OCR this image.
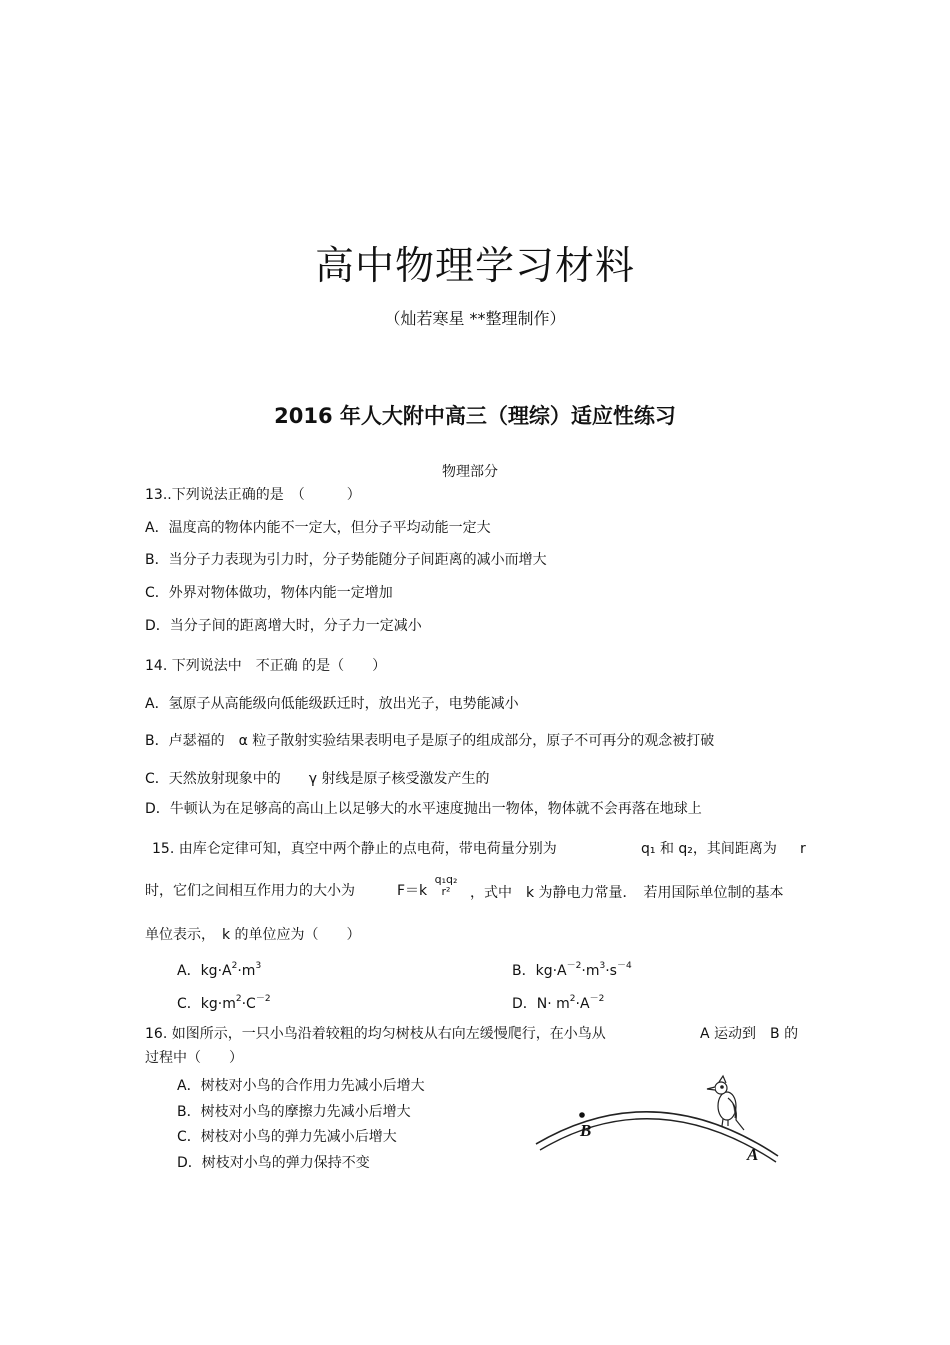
高中物理学习材料
（灿若寒星 **整理制作）
2016 年人大附中高三（理综）适应性练习
物理部分
13..下列说法正确的是　（　　　）
A．温度高的物体内能不一定大，但分子平均动能一定大
B．当分子力表现为引力时，分子势能随分子间距离的减小而增大
C．外界对物体做功，物体内能一定增加
D．当分子间的距离增大时，分子力一定减小
14. 下列说法中　不正确 的是（　　）
A．氢原子从高能级向低能级跃迁时，放出光子，电势能减小
B．卢瑟福的　α 粒子散射实验结果表明电子是原子的组成部分，原子不可再分的观念被打破
C．天然放射现象中的　　γ 射线是原子核受激发产生的
D．牛顿认为在足够高的高山上以足够大的水平速度抛出一物体，物体就不会再落在地球上
15. 由库仑定律可知，真空中两个静止的点电荷，带电荷量分别为	q₁ 和 q₂，其间距离为 r
时，它们之间相互作用力的大小为	F＝k
q₁q₂
r²	，式中　k 为静电力常量．　若用国际单位制的基本
单位表示，　k 的单位应为（　　）
A．$kg\cdot A^2\cdot m^3$	B．$kg\cdot A^{-2}\cdot m^3\cdot s^{-4}$
C．$kg\cdot m^2\cdot C^{-2}$	D．$N\cdot m^2\cdot A^{-2}$
16. 如图所示，一只小鸟沿着较粗的均匀树枝从右向左缓慢爬行，在小鸟从	A 运动到　B 的
过程中（　　）
A．树枝对小鸟的合作用力先减小后增大
B．树枝对小鸟的摩擦力先减小后增大
C．树枝对小鸟的弹力先减小后增大
D．树枝对小鸟的弹力保持不变
B
A
